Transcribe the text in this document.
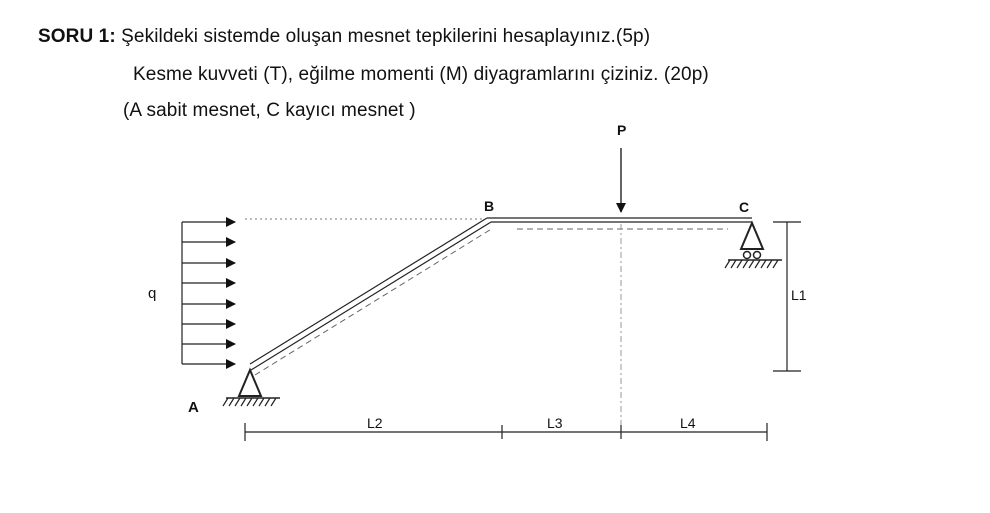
SORU 1: Şekildeki sistemde oluşan mesnet tepkilerini hesaplayınız.(5p)
Kesme kuvveti (T), eğilme momenti (M) diyagramlarını çiziniz. (20p)
(A sabit mesnet, C kayıcı mesnet )
q
P
A
B	C
L1
L2	L3	L4
